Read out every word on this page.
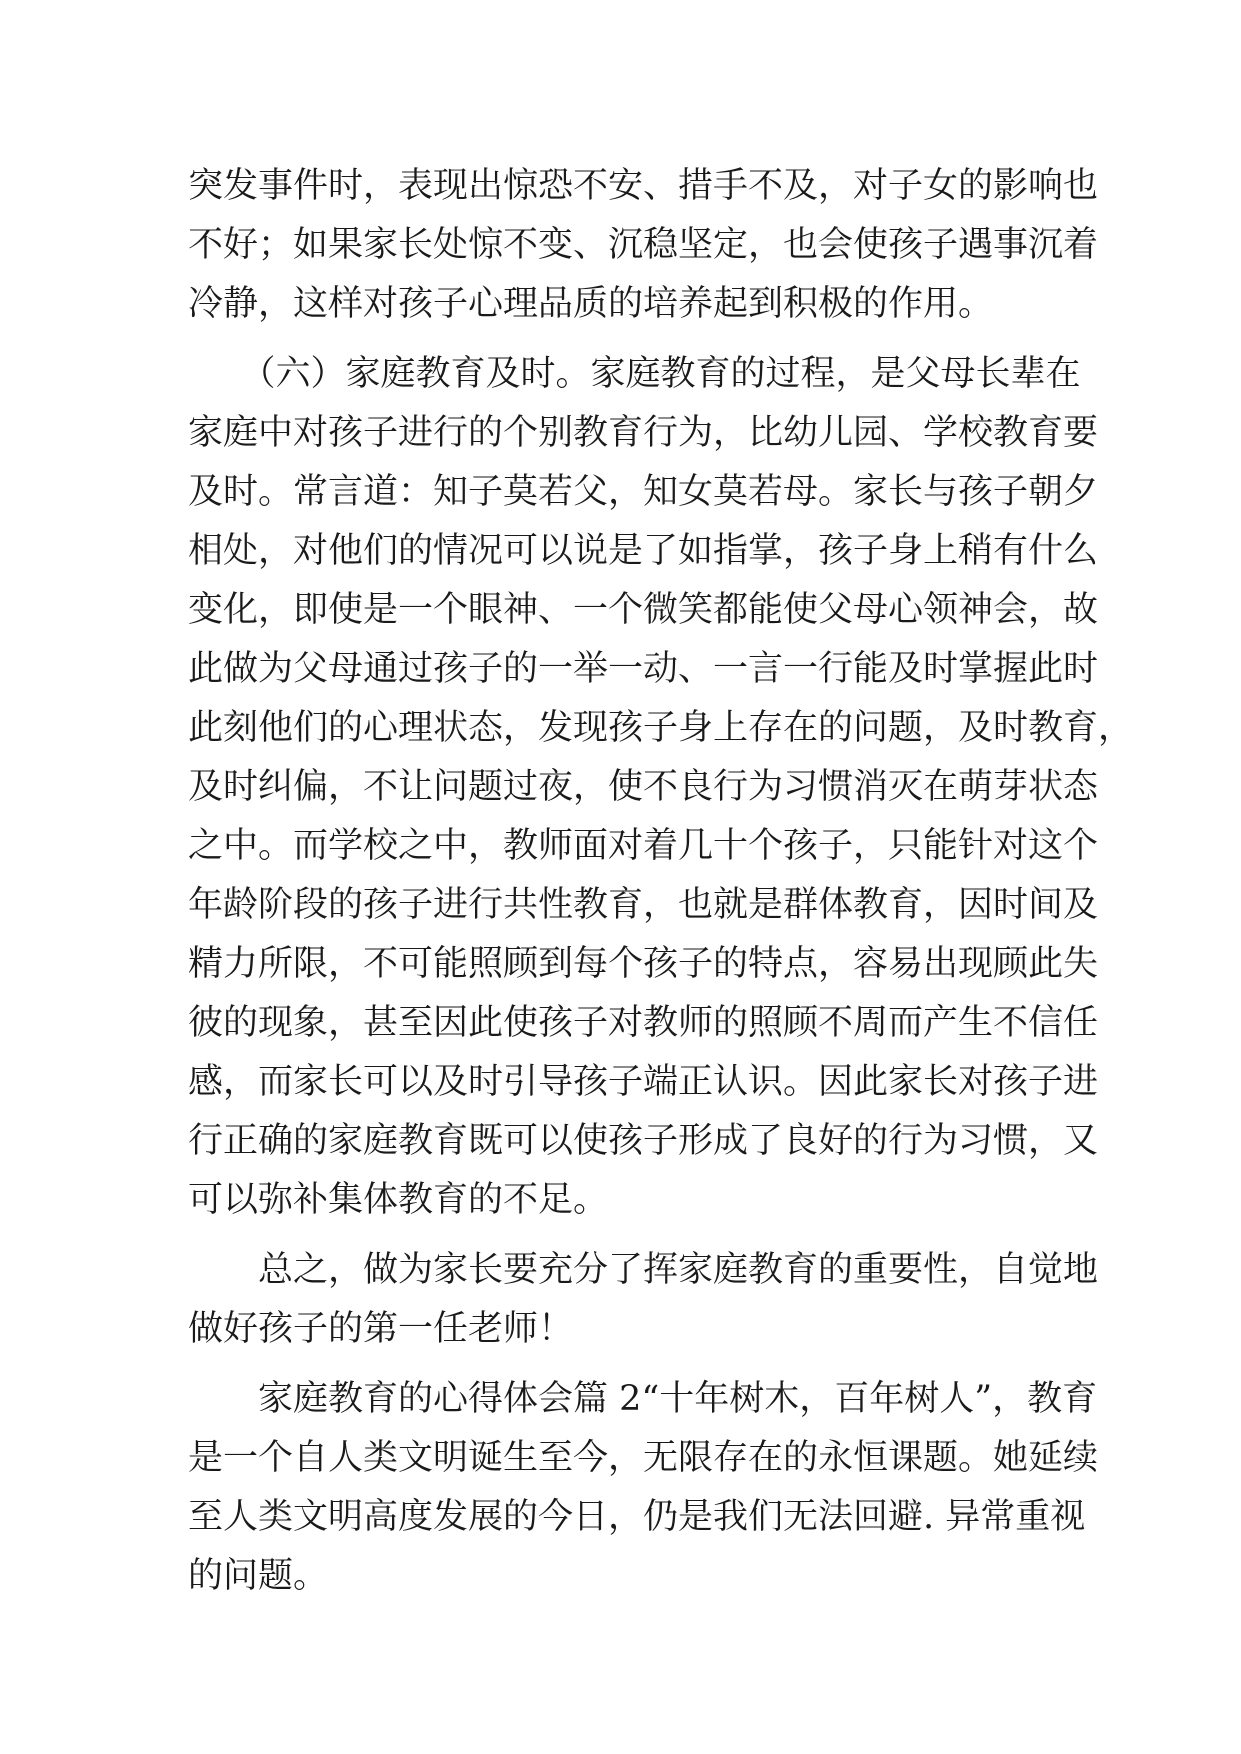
突发事件时，表现出惊恐不安、措手不及，对子女的影响也
不好；如果家长处惊不变、沉稳坚定，也会使孩子遇事沉着
冷静，这样对孩子心理品质的培养起到积极的作用。
　　（六）家庭教育及时。家庭教育的过程，是父母长辈在
家庭中对孩子进行的个别教育行为，比幼儿园、学校教育要
及时。常言道：知子莫若父，知女莫若母。家长与孩子朝夕
相处，对他们的情况可以说是了如指掌，孩子身上稍有什么
变化，即使是一个眼神、一个微笑都能使父母心领神会，故
此做为父母通过孩子的一举一动、一言一行能及时掌握此时
此刻他们的心理状态，发现孩子身上存在的问题，及时教育，
及时纠偏，不让问题过夜，使不良行为习惯消灭在萌芽状态
之中。而学校之中，教师面对着几十个孩子，只能针对这个
年龄阶段的孩子进行共性教育，也就是群体教育，因时间及
精力所限，不可能照顾到每个孩子的特点，容易出现顾此失
彼的现象，甚至因此使孩子对教师的照顾不周而产生不信任
感，而家长可以及时引导孩子端正认识。因此家长对孩子进
行正确的家庭教育既可以使孩子形成了良好的行为习惯，又
可以弥补集体教育的不足。
　　总之，做为家长要充分了挥家庭教育的重要性，自觉地
做好孩子的第一任老师！
　　家庭教育的心得体会篇 2“十年树木，百年树人”，教育
是一个自人类文明诞生至今，无限存在的永恒课题。她延续
至人类文明高度发展的今日，仍是我们无法回避. 异常重视
的问题。
